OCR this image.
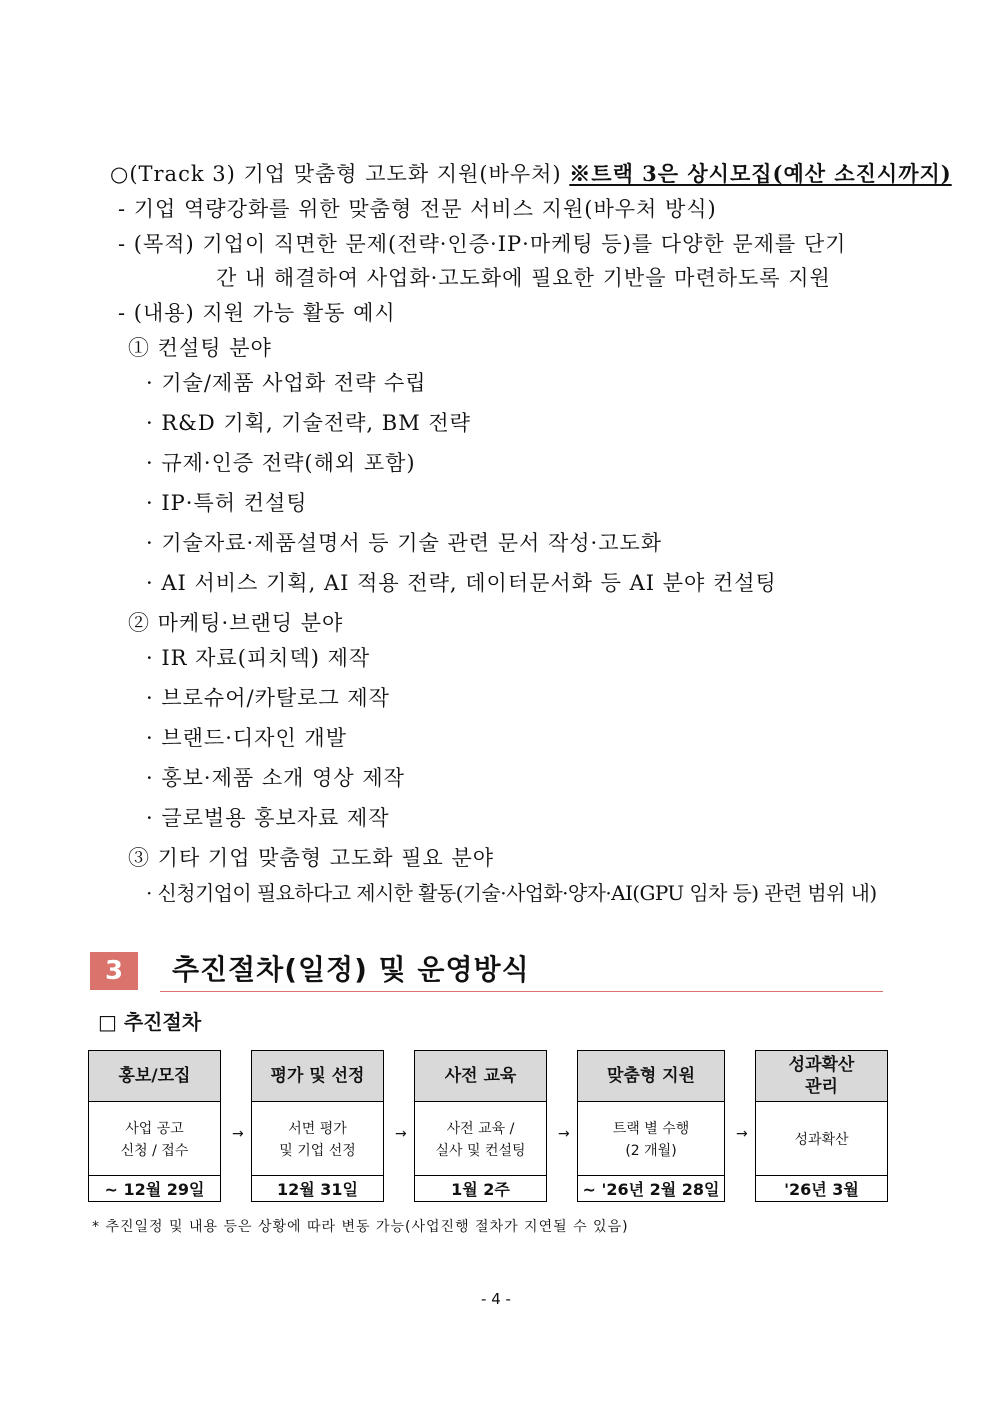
○(Track 3) 기업 맞춤형 고도화 지원(바우처) ※트랙 3은 상시모집(예산 소진시까지)
- 기업 역량강화를 위한 맞춤형 전문 서비스 지원(바우처 방식)
- (목적) 기업이 직면한 문제(전략·인증·IP·마케팅 등)를 다양한 문제를 단기
간 내 해결하여 사업화·고도화에 필요한 기반을 마련하도록 지원
- (내용) 지원 가능 활동 예시
① 컨설팅 분야
· 기술/제품 사업화 전략 수립
· R&D 기획, 기술전략, BM 전략
· 규제·인증 전략(해외 포함)
· IP·특허 컨설팅
· 기술자료·제품설명서 등 기술 관련 문서 작성·고도화
· AI 서비스 기획, AI 적용 전략, 데이터문서화 등 AI 분야 컨설팅
② 마케팅·브랜딩 분야
· IR 자료(피치덱) 제작
· 브로슈어/카탈로그 제작
· 브랜드·디자인 개발
· 홍보·제품 소개 영상 제작
· 글로벌용 홍보자료 제작
③ 기타 기업 맞춤형 고도화 필요 분야
· 신청기업이 필요하다고 제시한 활동(기술·사업화·양자·AI(GPU 임차 등) 관련 범위 내)
3	추진절차(일정) 및 운영방식
□ 추진절차
홍보/모집
사업 공고
신청 / 접수
~ 12월 29일
→
평가 및 선정
서면 평가
및 기업 선정
12월 31일
→
사전 교육
사전 교육 /
실사 및 컨설팅
1월 2주
→
맞춤형 지원
트랙 별 수행
(2 개월)
~ '26년 2월 28일
→
성과확산 관리
성과확산
'26년 3월
* 추진일정 및 내용 등은 상황에 따라 변동 가능(사업진행 절차가 지연될 수 있음)
- 4 -
